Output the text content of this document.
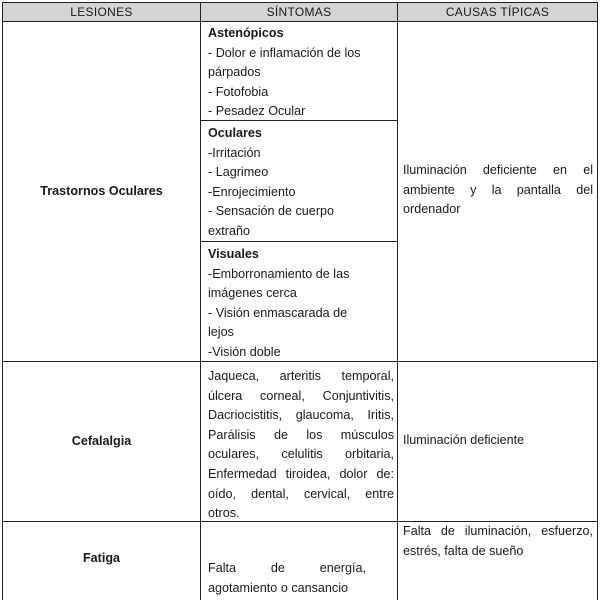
LESIONES	SÍNTOMAS	CAUSAS TÍPICAS
Trastornos Oculares
Astenópicos
- Dolor e inflamación de los
párpados
- Fotofobia
- Pesadez Ocular
Oculares
-Irritación
- Lagrimeo
-Enrojecimiento
- Sensación de cuerpo
extraño
Visuales
-Emborronamiento de las
imágenes cerca
- Visión enmascarada de
lejos
-Visión doble
Iluminación deficiente en el ambiente y la pantalla del ordenador
Cefalalgia
Jaqueca, arteritis temporal, úlcera corneal, Conjuntivitis, Dacriocistitis, glaucoma, Iritis, Parálisis de los músculos oculares, celulitis orbitaria, Enfermedad tiroidea, dolor de: oído, dental, cervical, entre otros.
Iluminación deficiente
Fatiga
Falta de energía, agotamiento o cansancio
Falta de iluminación, esfuerzo, estrés, falta de sueño
